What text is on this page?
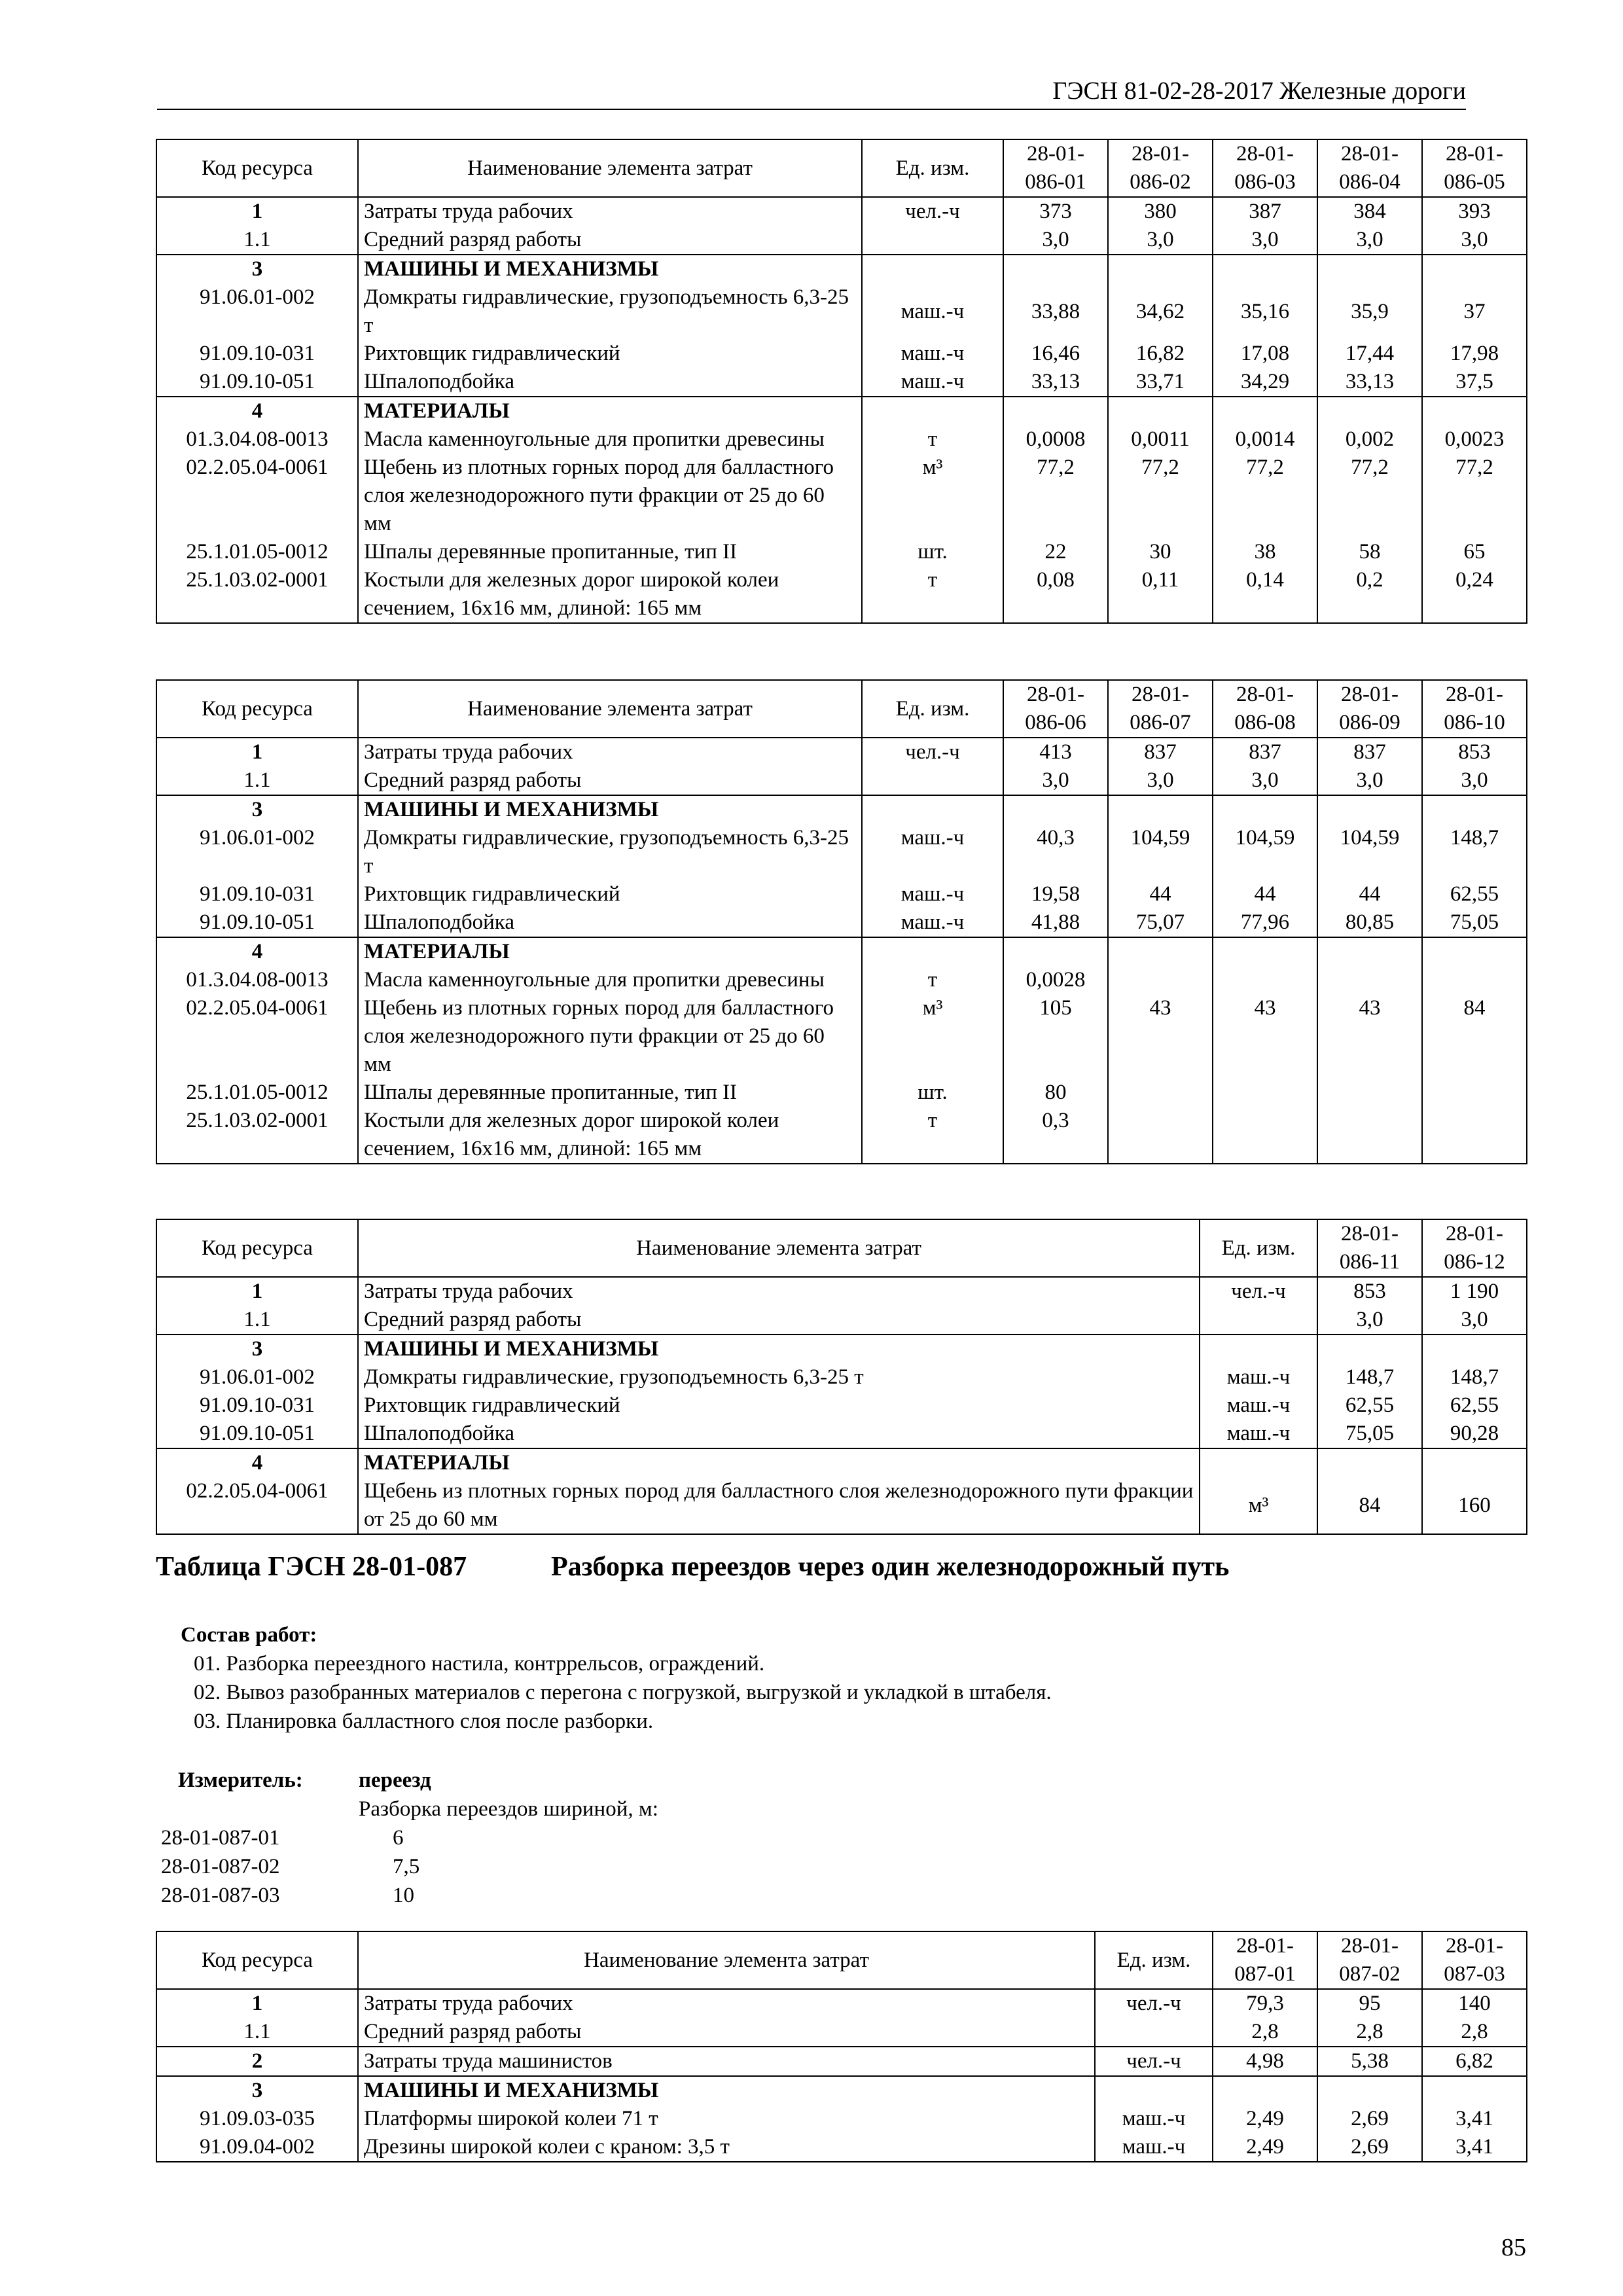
ГЭСН 81-02-28-2017 Железные дороги
Код ресурса	Наименование элемента затрат	Ед. изм.	28-01-086-01	28-01-086-02	28-01-086-03	28-01-086-04	28-01-086-05
1	Затраты труда рабочих	чел.-ч	373	380	387	384	393
1.1	Средний разряд работы		3,0	3,0	3,0	3,0	3,0
3	МАШИНЫ И МЕХАНИЗМЫ						
91.06.01-002	Домкраты гидравлические, грузоподъемность 6,3-25 т	маш.-ч	33,88	34,62	35,16	35,9	37
91.09.10-031	Рихтовщик гидравлический	маш.-ч	16,46	16,82	17,08	17,44	17,98
91.09.10-051	Шпалоподбойка	маш.-ч	33,13	33,71	34,29	33,13	37,5
4	МАТЕРИАЛЫ						
01.3.04.08-0013	Масла каменноугольные для пропитки древесины	т	0,0008	0,0011	0,0014	0,002	0,0023
02.2.05.04-0061	Щебень из плотных горных пород для балластного слоя железнодорожного пути фракции от 25 до 60 мм	м³	77,2	77,2	77,2	77,2	77,2
25.1.01.05-0012	Шпалы деревянные пропитанные, тип II	шт.	22	30	38	58	65
25.1.03.02-0001	Костыли для железных дорог широкой колеи сечением, 16х16 мм, длиной: 165 мм	т	0,08	0,11	0,14	0,2	0,24
Код ресурса	Наименование элемента затрат	Ед. изм.	28-01-086-06	28-01-086-07	28-01-086-08	28-01-086-09	28-01-086-10
1	Затраты труда рабочих	чел.-ч	413	837	837	837	853
1.1	Средний разряд работы		3,0	3,0	3,0	3,0	3,0
3	МАШИНЫ И МЕХАНИЗМЫ						
91.06.01-002	Домкраты гидравлические, грузоподъемность 6,3-25 т	маш.-ч	40,3	104,59	104,59	104,59	148,7
91.09.10-031	Рихтовщик гидравлический	маш.-ч	19,58	44	44	44	62,55
91.09.10-051	Шпалоподбойка	маш.-ч	41,88	75,07	77,96	80,85	75,05
4	МАТЕРИАЛЫ						
01.3.04.08-0013	Масла каменноугольные для пропитки древесины	т	0,0028				
02.2.05.04-0061	Щебень из плотных горных пород для балластного слоя железнодорожного пути фракции от 25 до 60 мм	м³	105	43	43	43	84
25.1.01.05-0012	Шпалы деревянные пропитанные, тип II	шт.	80				
25.1.03.02-0001	Костыли для железных дорог широкой колеи сечением, 16х16 мм, длиной: 165 мм	т	0,3				
Код ресурса	Наименование элемента затрат	Ед. изм.	28-01-086-11	28-01-086-12
1	Затраты труда рабочих	чел.-ч	853	1 190
1.1	Средний разряд работы		3,0	3,0
3	МАШИНЫ И МЕХАНИЗМЫ			
91.06.01-002	Домкраты гидравлические, грузоподъемность 6,3-25 т	маш.-ч	148,7	148,7
91.09.10-031	Рихтовщик гидравлический	маш.-ч	62,55	62,55
91.09.10-051	Шпалоподбойка	маш.-ч	75,05	90,28
4	МАТЕРИАЛЫ			
02.2.05.04-0061	Щебень из плотных горных пород для балластного слоя железнодорожного пути фракции от 25 до 60 мм	м³	84	160
Таблица ГЭСН 28-01-087	Разборка переездов через один железнодорожный путь
Состав работ:
01. Разборка переездного настила, контррельсов, ограждений.
02. Вывоз разобранных материалов с перегона с погрузкой, выгрузкой и укладкой в штабеля.
03. Планировка балластного слоя после разборки.
Измеритель:	переезд
Разборка переездов шириной, м:
28-01-087-01	6
28-01-087-02	7,5
28-01-087-03	10
Код ресурса	Наименование элемента затрат	Ед. изм.	28-01-087-01	28-01-087-02	28-01-087-03
1	Затраты труда рабочих	чел.-ч	79,3	95	140
1.1	Средний разряд работы		2,8	2,8	2,8
2	Затраты труда машинистов	чел.-ч	4,98	5,38	6,82
3	МАШИНЫ И МЕХАНИЗМЫ				
91.09.03-035	Платформы широкой колеи 71 т	маш.-ч	2,49	2,69	3,41
91.09.04-002	Дрезины широкой колеи с краном: 3,5 т	маш.-ч	2,49	2,69	3,41
85
